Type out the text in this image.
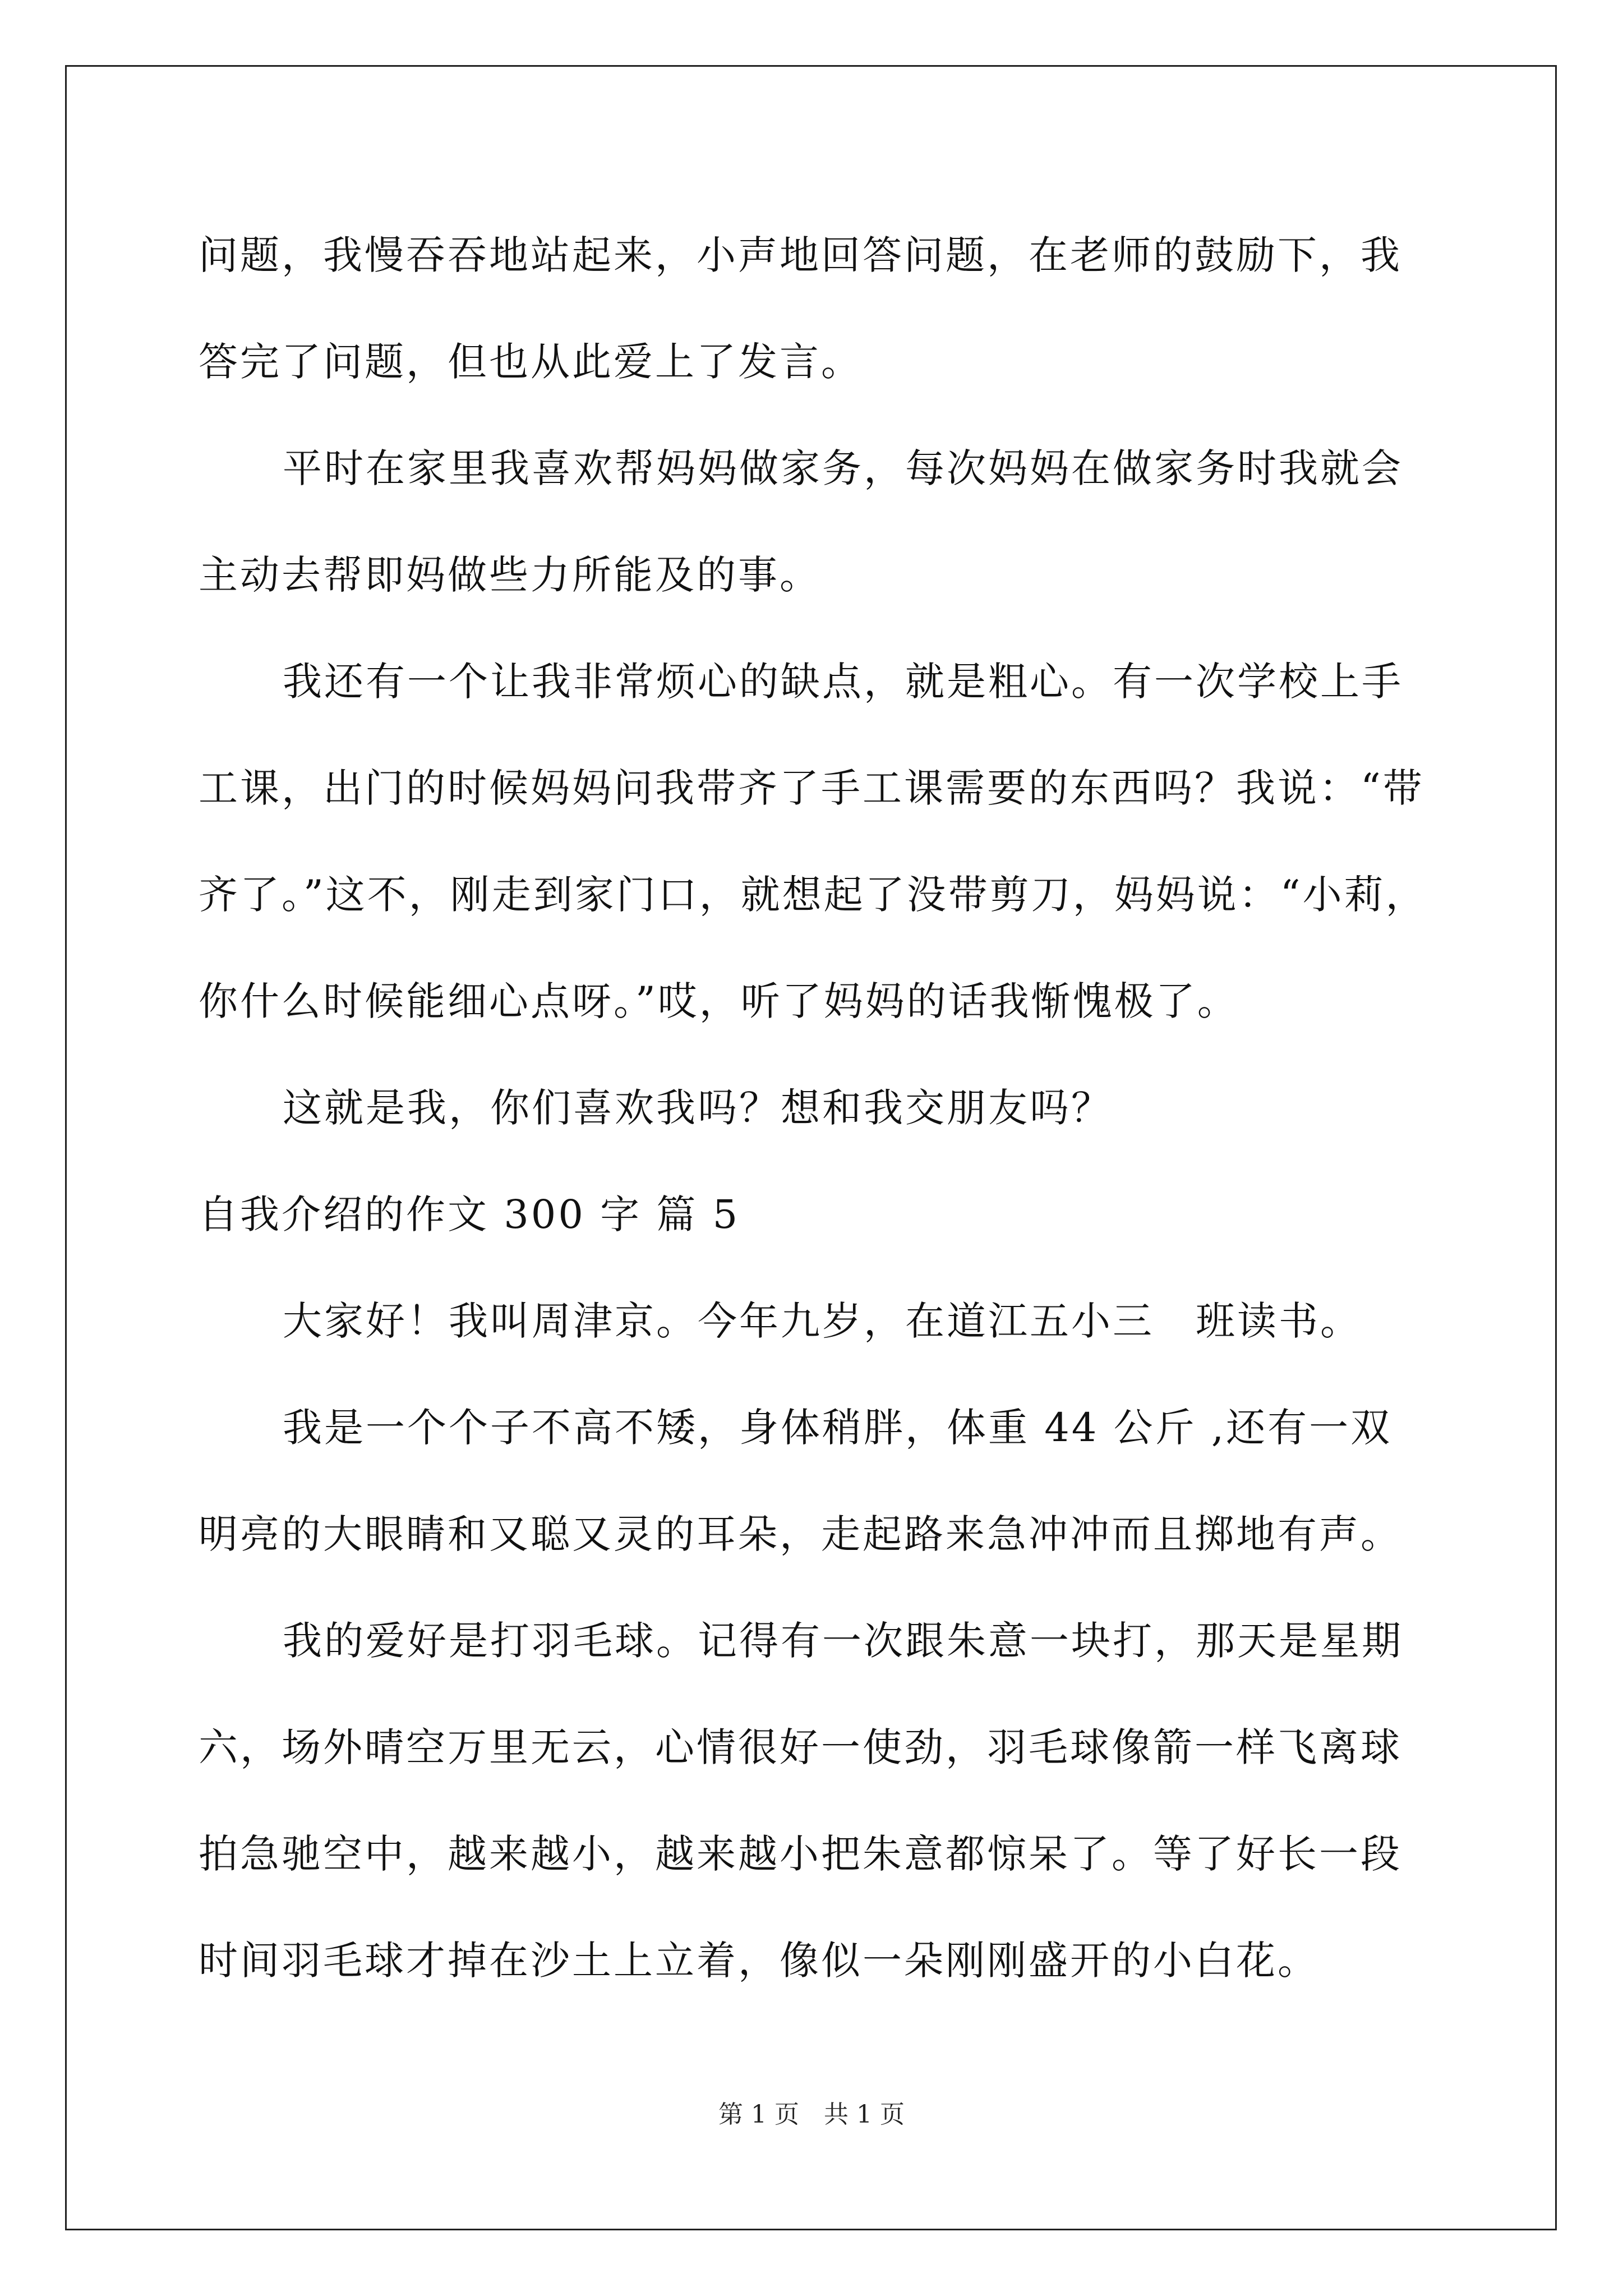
问题，我慢吞吞地站起来，小声地回答问题，在老师的鼓励下，我答完了问题，但也从此爱上了发言。

平时在家里我喜欢帮妈妈做家务，每次妈妈在做家务时我就会主动去帮即妈做些力所能及的事。

我还有一个让我非常烦心的缺点，就是粗心。有一次学校上手工课，出门的时候妈妈问我带齐了手工课需要的东西吗？我说：“带齐了。”这不，刚走到家门口，就想起了没带剪刀，妈妈说：“小莉，你什么时候能细心点呀。”哎，听了妈妈的话我惭愧极了。

这就是我，你们喜欢我吗？想和我交朋友吗？

自我介绍的作文 300 字 篇 5

大家好！我叫周津京。今年九岁，在道江五小三　班读书。

我是一个个子不高不矮，身体稍胖，体重 44 公斤 ,还有一双明亮的大眼睛和又聪又灵的耳朵，走起路来急冲冲而且掷地有声。

我的爱好是打羽毛球。记得有一次跟朱意一块打，那天是星期六，场外晴空万里无云，心情很好一使劲，羽毛球像箭一样飞离球拍急驰空中，越来越小，越来越小把朱意都惊呆了。等了好长一段时间羽毛球才掉在沙土上立着，像似一朵刚刚盛开的小白花。

第 1 页　共 1 页
